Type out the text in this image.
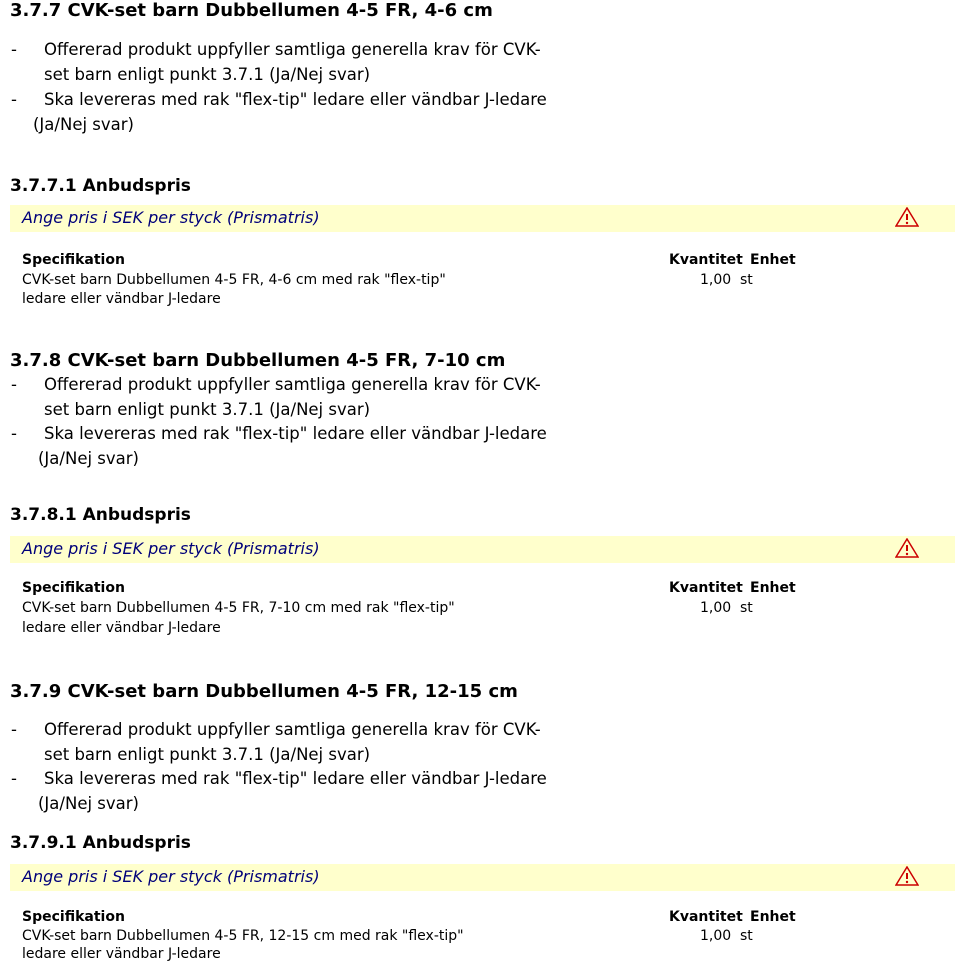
3.7.7 CVK-set barn Dubbellumen 4-5 FR, 4-6 cm
- Offererad produkt uppfyller samtliga generella krav för CVK-
set barn enligt punkt 3.7.1 (Ja/Nej svar)
- Ska levereras med rak "flex-tip" ledare eller vändbar J-ledare
(Ja/Nej svar)
3.7.7.1 Anbudspris
Ange pris i SEK per styck (Prismatris)
Specifikation	Kvantitet Enhet
CVK-set barn Dubbellumen 4-5 FR, 4-6 cm med rak "flex-tip"
ledare eller vändbar J-ledare
1,00 st
3.7.8 CVK-set barn Dubbellumen 4-5 FR, 7-10 cm
- Offererad produkt uppfyller samtliga generella krav för CVK-
set barn enligt punkt 3.7.1 (Ja/Nej svar)
- Ska levereras med rak "flex-tip" ledare eller vändbar J-ledare
(Ja/Nej svar)
3.7.8.1 Anbudspris
Ange pris i SEK per styck (Prismatris)
Specifikation	Kvantitet Enhet
CVK-set barn Dubbellumen 4-5 FR, 7-10 cm med rak "flex-tip"
ledare eller vändbar J-ledare
1,00 st
3.7.9 CVK-set barn Dubbellumen 4-5 FR, 12-15 cm
- Offererad produkt uppfyller samtliga generella krav för CVK-
set barn enligt punkt 3.7.1 (Ja/Nej svar)
- Ska levereras med rak "flex-tip" ledare eller vändbar J-ledare
(Ja/Nej svar)
3.7.9.1 Anbudspris
Ange pris i SEK per styck (Prismatris)
Specifikation	Kvantitet Enhet
CVK-set barn Dubbellumen 4-5 FR, 12-15 cm med rak "flex-tip"
ledare eller vändbar J-ledare
1,00 st
